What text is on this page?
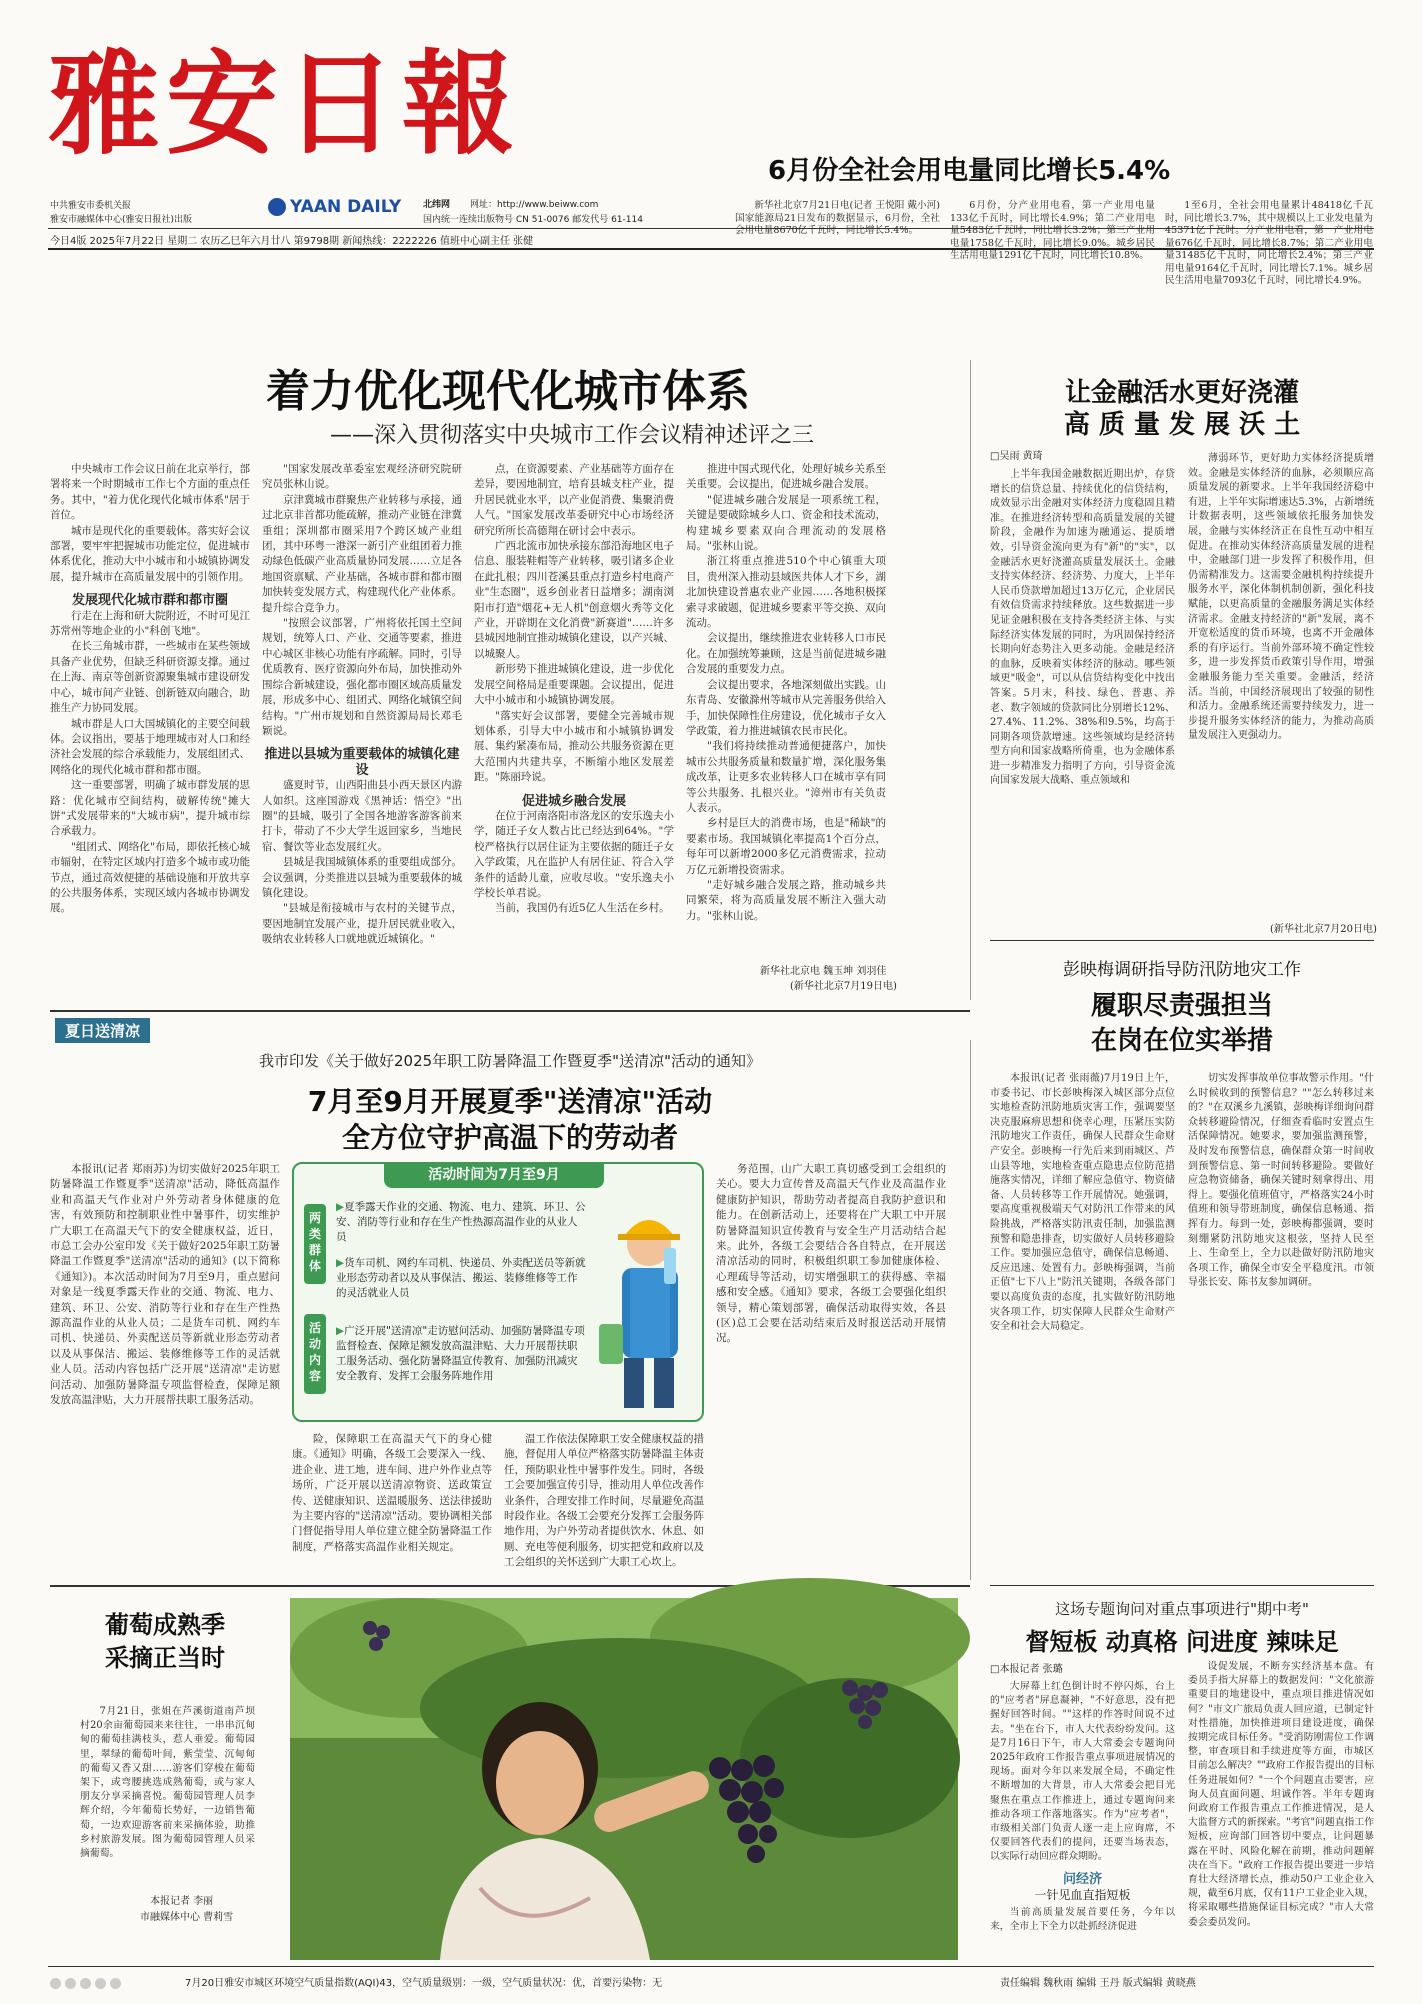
雅安日報
中共雅安市委机关报
雅安市融媒体中心(雅安日报社)出版
YAAN DAILY 北纬网 网址：http://www.beiww.com
国内统一连续出版物号 CN 51-0076 邮发代号 61-114
今日4版 2025年7月22日 星期二 农历乙巳年六月廿八 第9798期 新闻热线：2222226 值班中心副主任 张健
6月份全社会用电量同比增长5.4%

新华社北京7月21日电(记者 王悦阳 戴小河)国家能源局21日发布的数据显示，6月份，全社会用电量8670亿千瓦时，同比增长5.4%。

6月份，分产业用电看，第一产业用电量133亿千瓦时，同比增长4.9%；第二产业用电量5483亿千瓦时，同比增长3.2%；第三产业用电量1758亿千瓦时，同比增长9.0%。城乡居民生活用电量1291亿千瓦时，同比增长10.8%。

1至6月，全社会用电量累计48418亿千瓦时，同比增长3.7%，其中规模以上工业发电量为45371亿千瓦时。分产业用电看，第一产业用电量676亿千瓦时，同比增长8.7%；第二产业用电量31485亿千瓦时，同比增长2.4%；第三产业用电量9164亿千瓦时，同比增长7.1%。城乡居民生活用电量7093亿千瓦时，同比增长4.9%。

着力优化现代化城市体系
——深入贯彻落实中央城市工作会议精神述评之三

中央城市工作会议日前在北京举行，部署将来一个时期城市工作七个方面的重点任务。其中，"着力优化现代化城市体系"居于首位。

城市是现代化的重要载体。落实好会议部署，要牢牢把握城市功能定位，促进城市体系优化，推动大中小城市和小城镇协调发展，提升城市在高质量发展中的引领作用。

发展现代化城市群和都市圈

行走在上海和研大院附近，不时可见江苏常州等地企业的小"科创飞地"。

在长三角城市群，一些城市在某些领域具备产业优势，但缺乏科研资源支撑。通过在上海、南京等创新资源聚集城市建设研发中心，城市间产业链、创新链双向融合，助推生产力协同发展。

城市群是人口大国城镇化的主要空间载体。会议指出，要基于地理城市对人口和经济社会发展的综合承载能力，发展组团式、网络化的现代化城市群和都市圈。

这一重要部署，明确了城市群发展的思路：优化城市空间结构，破解传统"摊大饼"式发展带来的"大城市病"，提升城市综合承载力。

"组团式、网络化"布局，即依托核心城市辐射，在特定区域内打造多个城市或功能节点，通过高效便捷的基础设施和开放共享的公共服务体系，实现区域内各城市协调发展。

"国家发展改革委室宏观经济研究院研究员张林山说。

京津冀城市群聚焦产业转移与承接，通过北京非首都功能疏解，推动产业链在津冀重组；深圳都市圈采用7个跨区域产业组团，其中环粤一港深一新引产业组团着力推动绿色低碳产业高质量协同发展……立足各地国资禀赋、产业基础，各城市群和都市圈加快转变发展方式，构建现代化产业体系。提升综合竞争力。

"按照会议部署，广州将依托国土空间规划，统筹人口、产业、交通等要素，推进中心城区非核心功能有序疏解。同时，引导优质教育、医疗资源向外布局，加快推动外围综合新城建设，强化都市圈区域高质量发展，形成多中心、组团式、网络化城镇空间结构。"广州市规划和自然资源局局长邓毛颖说。

推进以县城为重要载体的城镇化建设

盛夏时节，山西阳曲县小西天景区内游人如织。这座国游戏《黑神话：悟空》"出圈"的县城，吸引了全国各地游客游客前来打卡，带动了不少大学生返回家乡，当地民宿、餐饮等业态发展红火。

县城是我国城镇体系的重要组成部分。会议强调，分类推进以县城为重要载体的城镇化建设。

"县城是衔接城市与农村的关键节点，要因地制宜发展产业，提升居民就业收入，吸纳农业转移人口就地就近城镇化。"

点，在资源要素、产业基础等方面存在差异，要因地制宜，培育县城支柱产业，提升居民就业水平，以产业促消费、集聚消费人气。"国家发展改革委研究中心市场经济研究所所长高德翔在研讨会中表示。

广西北流市加快承接东部沿海地区电子信息、服装鞋帽等产业转移，吸引诸多企业在此扎根；四川苍溪县重点打造乡村电商产业"生态圈"，返乡创业者日益增多；湖南浏阳市打造"烟花+无人机"创意烟火秀等文化产业，开辟期在文化消费"新赛道"……许多县城因地制宜推动城镇化建设，以产兴城、以城聚人。

新形势下推进城镇化建设，进一步优化发展空间格局是重要课题。会议提出，促进大中小城市和小城镇协调发展。

"落实好会议部署，要健全完善城市规划体系，引导大中小城市和小城镇协调发展、集约紧凑布局，推动公共服务资源在更大范围内共建共享，不断缩小地区发展差距。"陈丽玲说。

促进城乡融合发展

在位于河南洛阳市洛龙区的安乐逸夫小学，随迁子女人数占比已经达到64%。"学校严格执行以居住证为主要依据的随迁子女入学政策，凡在监护人有居住证、符合入学条件的适龄儿童，应收尽收。"安乐逸夫小学校长单君说。

当前，我国仍有近5亿人生活在乡村。

推进中国式现代化，处理好城乡关系至关重要。会议提出，促进城乡融合发展。

"促进城乡融合发展是一项系统工程，关键是要破除城乡人口、资金和技术流动，构建城乡要素双向合理流动的发展格局。"张林山说。

浙江将重点推进510个中心镇重大项目，贵州深入推动县域医共体人才下乡，湖北加快建设普惠农业产业园……各地积极探索寻求破题，促进城乡要素平等交换、双向流动。

会议提出，继续推进农业转移人口市民化。在加强统筹兼顾，这是当前促进城乡融合发展的重要发力点。

会议提出要求，各地深刻做出实践。山东青岛、安徽滁州等城市从完善服务供给入手，加快保障性住房建设，优化城市子女入学政策，着力推进城镇农民市民化。

"我们将持续推动普通便捷落户，加快城市公共服务质量和数量扩增，深化服务集成改革，让更多农业转移人口在城市享有同等公共服务、扎根兴业。"漳州市有关负责人表示。

乡村是巨大的消费市场，也是"稀缺"的要素市场。我国城镇化率提高1个百分点，每年可以新增2000多亿元消费需求，拉动万亿元新增投资需求。

"走好城乡融合发展之路，推动城乡共同繁荣，将为高质量发展不断注入强大动力。"张林山说。

新华社北京电 魏玉坤 刘羽佳
(新华社北京7月19日电)
让金融活水更好浇灌
高 质 量 发 展 沃 土
□吴雨 黄琦

上半年我国金融数据近期出炉，存贷增长的信贷总量、持续优化的信贷结构，成效显示出金融对实体经济力度稳固且精准。在推进经济转型和高质量发展的关键阶段，金融作为加速为融通运、提质增效，引导资金流向更为有"新"的"实"，以金融活水更好浇灌高质量发展沃土。金融支持实体经济、经济势、力度大，上半年人民币贷款增加超过13万亿元，企业居民有效信贷需求持续释放。这些数据进一步见证金融积极在支持各类经济主体、与实际经济实体发展的同时，为巩固保持经济长期向好态势注入更多动能。金融是经济的血脉，反映着实体经济的脉动。哪些领域更"吸金"，可以从信贷结构变化中找出答案。5月末，科技、绿色、普惠、养老、数字领域的贷款同比分别增长12%、27.4%、11.2%、38%和9.5%，均高于同期各项贷款增速。这些领域均是经济转型方向和国家战略所倚重，也为金融体系进一步精准发力指明了方向，引导资金流向国家发展大战略、重点领域和

薄弱环节，更好助力实体经济提质增效。金融是实体经济的血脉，必须顺应高质量发展的新要求。上半年我国经济稳中有进，上半年实际增速达5.3%，占新增统计数据表明，这些领域依托服务加快发展，金融与实体经济正在良性互动中相互促进。在推动实体经济高质量发展的进程中，金融部门进一步发挥了积极作用，但仍需精准发力。这需要金融机构持续提升服务水平，深化体制机制创新，强化科技赋能，以更高质量的金融服务满足实体经济需求。金融支持经济的"新"发展，离不开宽松适度的货币环境，也离不开金融体系的有序运行。当前外部环境不确定性较多，进一步发挥货币政策引导作用，增强金融服务能力至关重要。金融活，经济活。当前，中国经济展现出了较强的韧性和活力。金融系统还需要持续发力，进一步提升服务实体经济的能力，为推动高质量发展注入更强动力。

(新华社北京7月20日电)
彭映梅调研指导防汛防地灾工作
履职尽责强担当
在岗在位实举措

本报讯(记者 张雨薇)7月19日上午，市委书记、市长彭映梅深入城区部分点位实地检查防汛防地质灾害工作，强调要坚决克服麻痹思想和侥幸心理，压紧压实防汛防地灾工作责任，确保人民群众生命财产安全。彭映梅一行先后来到雨城区、芦山县等地，实地检查重点隐患点位防范措施落实情况，详细了解应急值守、物资储备、人员转移等工作开展情况。她强调，要高度重视极端天气对防汛工作带来的风险挑战，严格落实防汛责任制，加强监测预警和隐患排查，切实做好人员转移避险工作。要加强应急值守，确保信息畅通、反应迅速、处置有力。彭映梅强调，当前正值"七下八上"防汛关键期，各级各部门要以高度负责的态度，扎实做好防汛防地灾各项工作，切实保障人民群众生命财产安全和社会大局稳定。

切实发挥事故单位事故警示作用。"什么时候收到的预警信息？""怎么转移过来的？"在双溪乡九溪镇，彭映梅详细询问群众转移避险情况，仔细查看临时安置点生活保障情况。她要求，要加强监测预警，及时发布预警信息，确保群众第一时间收到预警信息、第一时间转移避险。要做好应急物资储备，确保关键时刻拿得出、用得上。要强化值班值守，严格落实24小时值班和领导带班制度，确保信息畅通、指挥有力。每到一处，彭映梅都强调，要时刻绷紧防汛防地灾这根弦，坚持人民至上、生命至上，全力以赴做好防汛防地灾各项工作，确保全市安全平稳度汛。市领导张长安、陈书友参加调研。

夏日送清凉
我市印发《关于做好2025年职工防暑降温工作暨夏季"送清凉"活动的通知》
7月至9月开展夏季"送清凉"活动
全方位守护高温下的劳动者

本报讯(记者 郑雨苏)为切实做好2025年职工防暑降温工作暨夏季"送清凉"活动，降低高温作业和高温天气作业对户外劳动者身体健康的危害，有效预防和控制职业性中暑事件，切实维护广大职工在高温天气下的安全健康权益，近日，市总工会办公室印发《关于做好2025年职工防暑降温工作暨夏季"送清凉"活动的通知》(以下简称《通知》)。本次活动时间为7月至9月，重点慰问对象是一线夏季露天作业的交通、物流、电力、建筑、环卫、公安、消防等行业和存在生产性热源高温作业的从业人员；二是货车司机、网约车司机、快递员、外卖配送员等新就业形态劳动者以及从事保洁、搬运、装修维修等工作的灵活就业人员。活动内容包括广泛开展"送清凉"走访慰问活动、加强防暑降温专项监督检查，保障足额发放高温津贴，大力开展帮扶职工服务活动。

活动时间为7月至9月
两类群体
▶夏季露天作业的交通、物流、电力、建筑、环卫、公安、消防等行业和存在生产性热源高温作业的从业人员
▶货车司机、网约车司机、快递员、外卖配送员等新就业形态劳动者以及从事保洁、搬运、装修维修等工作的灵活就业人员
活动内容
▶广泛开展"送清凉"走访慰问活动、加强防暑降温专项监督检查、保障足额发放高温津贴、大力开展帮扶职工服务活动、强化防暑降温宣传教育、加强防汛减灾安全教育、发挥工会服务阵地作用

险，保障职工在高温天气下的身心健康。《通知》明确，各级工会要深入一线、进企业、进工地，进车间、进户外作业点等场所，广泛开展以送清凉物资、送政策宣传、送健康知识、送温暖服务、送法律援助为主要内容的"送清凉"活动。要协调相关部门督促指导用人单位建立健全防暑降温工作制度，严格落实高温作业相关规定。

温工作依法保障职工安全健康权益的措施，督促用人单位严格落实防暑降温主体责任，预防职业性中暑事件发生。同时，各级工会要加强宣传引导，推动用人单位改善作业条件，合理安排工作时间，尽量避免高温时段作业。各级工会要充分发挥工会服务阵地作用，为户外劳动者提供饮水、休息、如厕、充电等便利服务，切实把党和政府以及工会组织的关怀送到广大职工心坎上。

务范围，山广大职工真切感受到工会组织的关心。要大力宣传普及高温天气作业及高温作业健康防护知识，帮助劳动者提高自我防护意识和能力。在创新活动上，还要将在广大职工中开展防暑降温知识宣传教育与安全生产月活动结合起来。此外，各级工会要结合各自特点，在开展送清凉活动的同时，积极组织职工参加健康体检、心理疏导等活动，切实增强职工的获得感、幸福感和安全感。《通知》要求，各级工会要强化组织领导，精心策划部署，确保活动取得实效，各县(区)总工会要在活动结束后及时报送活动开展情况。

这场专题询问对重点事项进行"期中考"
督短板 动真格 问进度 辣味足
□本报记者 张璐

大屏幕上红色倒计时不停闪烁，台上的"应考者"屏息凝神，"不好意思，没有把握好回答时间。""这样的作答时间说不过去。"坐在台下，市人大代表纷纷发问。这是7月16日下午，市人大常委会专题询问2025年政府工作报告重点事项进展情况的现场。面对今年以来发展全局，不确定性不断增加的大背景，市人大常委会把目光聚焦在重点工作推进上，通过专题询问来推动各项工作落地落实。作为"应考者"，市级相关部门负责人逐一走上应询席，不仅要回答代表们的提问，还要当场表态，以实际行动回应群众期盼。

问经济
一针见血直指短板

当前高质量发展首要任务，今年以来，全市上下全力以赴抓经济促进

设促发展，不断夯实经济基本盘。有委员手指大屏幕上的数据发问："文化旅游重要目的地建设中，重点项目推进情况如何？"市文广旅局负责人回应道，已制定针对性措施，加快推进项目建设进度，确保按期完成目标任务。"受消防刚需位工作调整，审查项目和手续进度等方面，市城区目前怎么解决？""政府工作报告提出的目标任务进展如何？"一个个问题直击要害，应询人员直面问题、坦诚作答。半年专题询问政府工作报告重点工作推进情况，是人大监督方式的新探索。"考官"问题直指工作短板，应询部门回答切中要点，让问题暴露在平时、风险化解在前期，推动问题解决在当下。"政府工作报告提出要进一步培育壮大经济增长点，推动50户工业企业入规，截至6月底，仅有11户工业企业入规，将采取哪些措施保证目标完成？"市人大常委会委员发问。

葡萄成熟季
采摘正当时

7月21日，张姐在芦溪街道南芦坝村20余亩葡萄园来来往往，一串串沉甸甸的葡萄挂满枝头，惹人垂爱。葡萄园里，翠绿的葡萄叶间，紫莹莹、沉甸甸的葡萄又香又甜……游客们穿梭在葡萄架下，或弯腰挑选成熟葡萄，或与家人朋友分享采摘喜悦。葡萄园管理人员李辉介绍，今年葡萄长势好，一边销售葡萄，一边欢迎游客前来采摘体验，助推乡村旅游发展。图为葡萄园管理人员采摘葡萄。

本报记者 李丽
市融媒体中心 曹莉雪
7月20日雅安市城区环境空气质量指数(AQI)43，空气质量级别：一级，空气质量状况：优，首要污染物：无	责任编辑 魏秋雨 编辑 王丹 版式编辑 黄晓燕
